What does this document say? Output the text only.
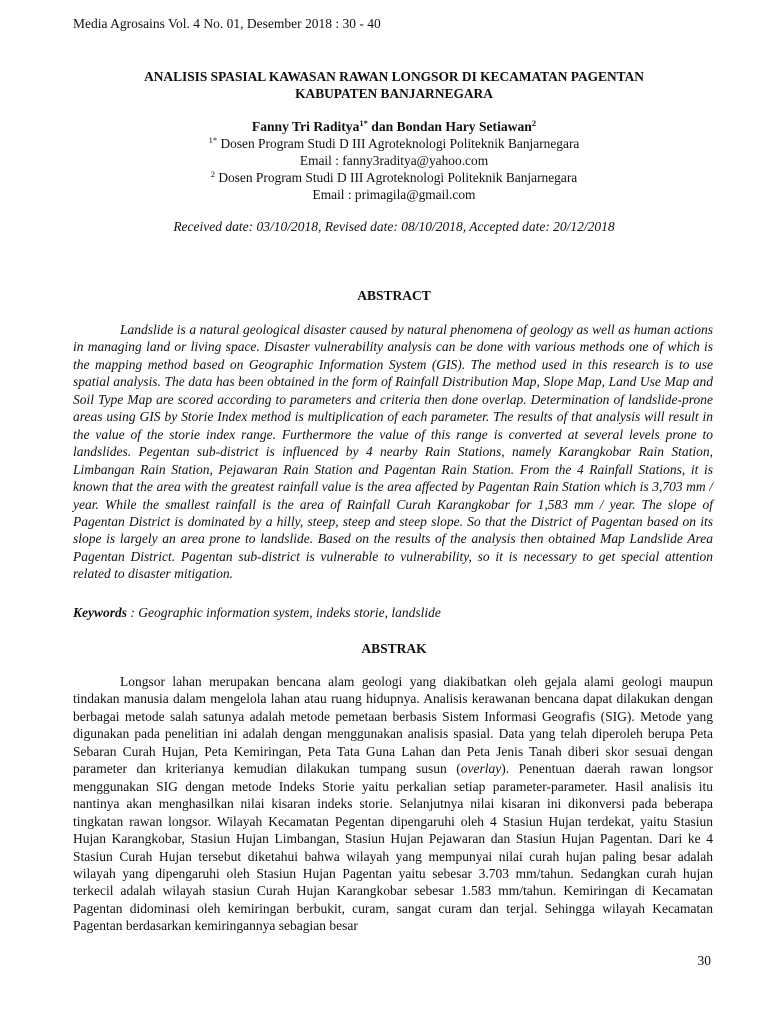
Media Agrosains Vol. 4 No. 01, Desember 2018 : 30 - 40
ANALISIS SPASIAL KAWASAN RAWAN LONGSOR DI KECAMATAN PAGENTAN
KABUPATEN BANJARNEGARA
Fanny Tri Raditya$^{1*}$ dan Bondan Hary Setiawan$^2$
$^{1*}$ Dosen Program Studi D III Agroteknologi Politeknik Banjarnegara
Email : fanny3raditya@yahoo.com
$^2$ Dosen Program Studi D III Agroteknologi Politeknik Banjarnegara
Email : primagila@gmail.com
Received date: 03/10/2018, Revised date: 08/10/2018, Accepted date: 20/12/2018
ABSTRACT

Landslide is a natural geological disaster caused by natural phenomena of geology as well as human actions in managing land or living space. Disaster vulnerability analysis can be done with various methods one of which is the mapping method based on Geographic Information System (GIS). The method used in this research is to use spatial analysis. The data has been obtained in the form of Rainfall Distribution Map, Slope Map, Land Use Map and Soil Type Map are scored according to parameters and criteria then done overlap. Determination of landslide-prone areas using GIS by Storie Index method is multiplication of each parameter. The results of that analysis will result in the value of the storie index range. Furthermore the value of this range is converted at several levels prone to landslides. Pegentan sub-district is influenced by 4 nearby Rain Stations, namely Karangkobar Rain Station, Limbangan Rain Station, Pejawaran Rain Station and Pagentan Rain Station. From the 4 Rainfall Stations, it is known that the area with the greatest rainfall value is the area affected by Pagentan Rain Station which is 3,703 mm / year. While the smallest rainfall is the area of Rainfall Curah Karangkobar for 1,583 mm / year. The slope of Pagentan District is dominated by a hilly, steep, steep and steep slope. So that the District of Pagentan based on its slope is largely an area prone to landslide. Based on the results of the analysis then obtained Map Landslide Area Pagentan District. Pagentan sub-district is vulnerable to vulnerability, so it is necessary to get special attention related to disaster mitigation.

Keywords : Geographic information system, indeks storie, landslide
ABSTRAK

Longsor lahan merupakan bencana alam geologi yang diakibatkan oleh gejala alami geologi maupun tindakan manusia dalam mengelola lahan atau ruang hidupnya. Analisis kerawanan bencana dapat dilakukan dengan berbagai metode salah satunya adalah metode pemetaan berbasis Sistem Informasi Geografis (SIG). Metode yang digunakan pada penelitian ini adalah dengan menggunakan analisis spasial. Data yang telah diperoleh berupa Peta Sebaran Curah Hujan, Peta Kemiringan, Peta Tata Guna Lahan dan Peta Jenis Tanah diberi skor sesuai dengan parameter dan kriterianya kemudian dilakukan tumpang susun (overlay). Penentuan daerah rawan longsor menggunakan SIG dengan metode Indeks Storie yaitu perkalian setiap parameter-parameter. Hasil analisis itu nantinya akan menghasilkan nilai kisaran indeks storie. Selanjutnya nilai kisaran ini dikonversi pada beberapa tingkatan rawan longsor. Wilayah Kecamatan Pegentan dipengaruhi oleh 4 Stasiun Hujan terdekat, yaitu Stasiun Hujan Karangkobar, Stasiun Hujan Limbangan, Stasiun Hujan Pejawaran dan Stasiun Hujan Pagentan. Dari ke 4 Stasiun Curah Hujan tersebut diketahui bahwa wilayah yang mempunyai nilai curah hujan paling besar adalah wilayah yang dipengaruhi oleh Stasiun Hujan Pagentan yaitu sebesar 3.703 mm/tahun. Sedangkan curah hujan terkecil adalah wilayah stasiun Curah Hujan Karangkobar sebesar 1.583 mm/tahun. Kemiringan di Kecamatan Pagentan didominasi oleh kemiringan berbukit, curam, sangat curam dan terjal. Sehingga wilayah Kecamatan Pagentan berdasarkan kemiringannya sebagian besar

30
